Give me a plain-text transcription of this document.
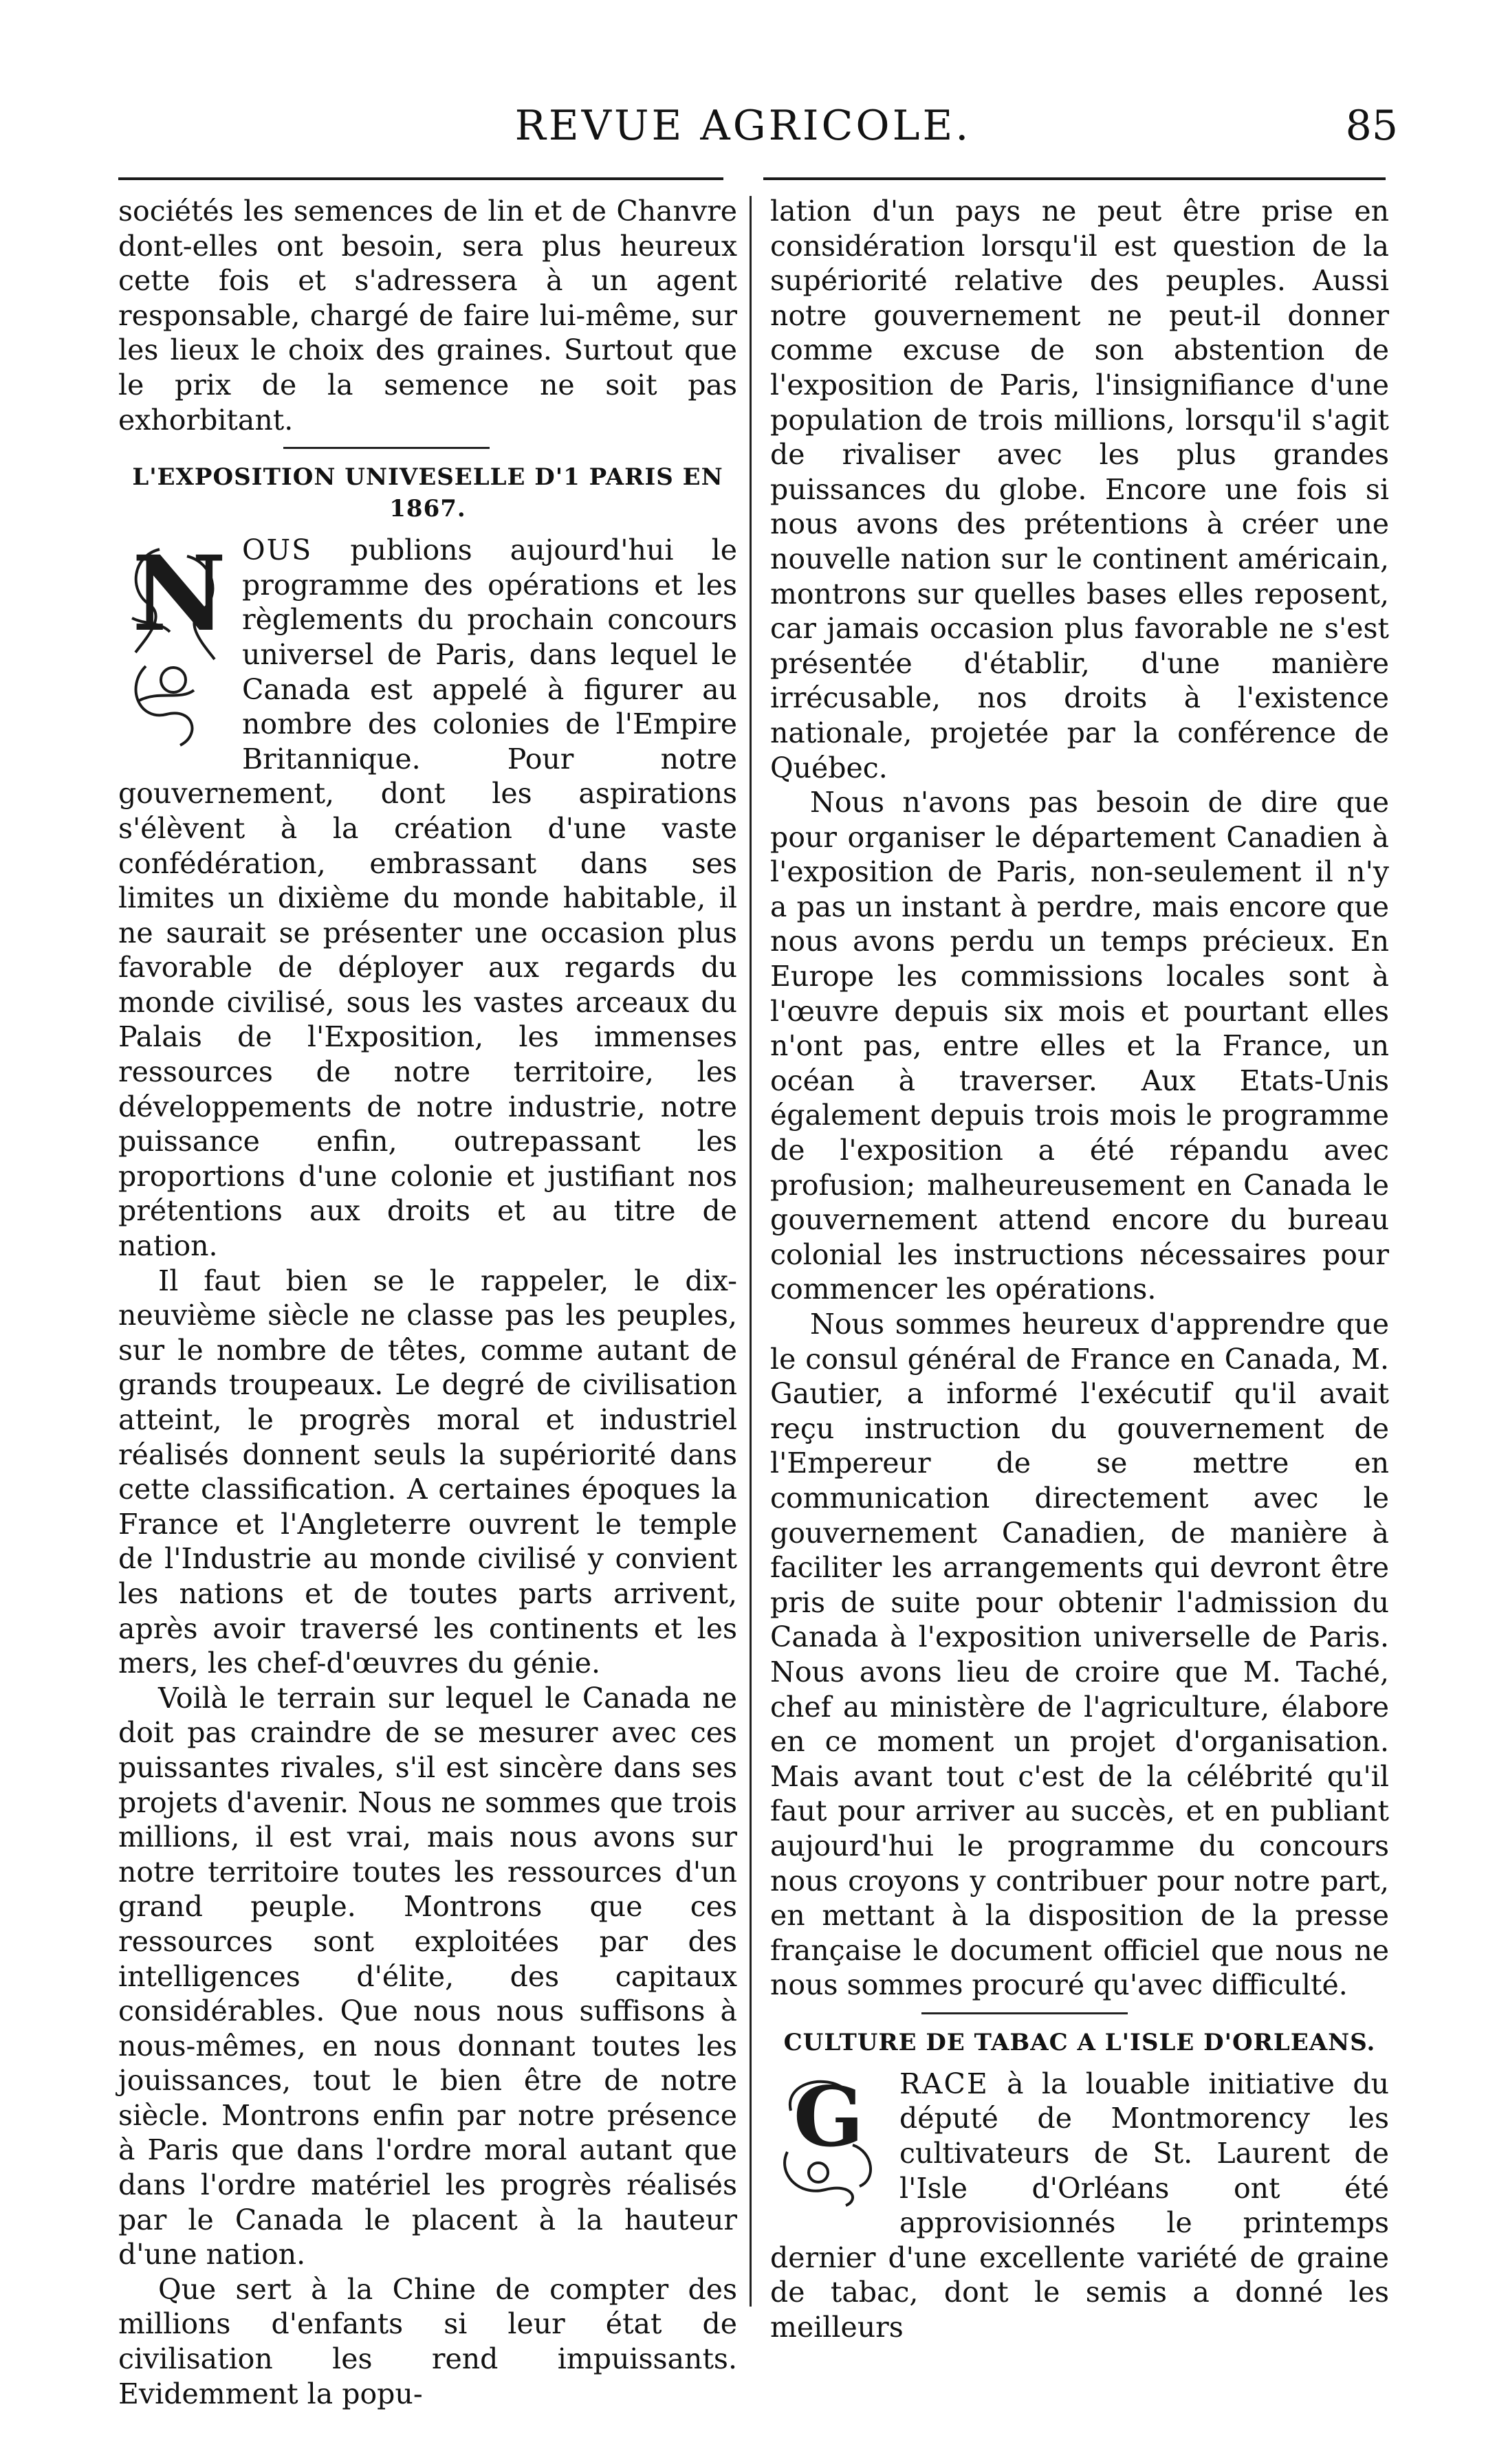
REVUE AGRICOLE.	85

sociétés les semences de lin et de Chanvre dont-elles ont besoin, sera plus heureux cette fois et s'adressera à un agent responsable, chargé de faire lui-même, sur les lieux le choix des graines. Surtout que le prix de la semence ne soit pas exhorbitant.

L'EXPOSITION UNIVESELLE D'1 PARIS EN 1867.
N OUS publions aujourd'hui le programme des opérations et les règlements du prochain concours universel de Paris, dans lequel le Canada est appelé à figurer au nombre des colonies de l'Empire Britannique. Pour notre gouvernement, dont les aspirations s'élèvent à la création d'une vaste confédération, embrassant dans ses limites un dixième du monde habitable, il ne saurait se présenter une occasion plus favorable de déployer aux regards du monde civilisé, sous les vastes arceaux du Palais de l'Exposition, les immenses ressources de notre territoire, les développements de notre industrie, notre puissance enfin, outrepassant les proportions d'une colonie et justifiant nos prétentions aux droits et au titre de nation.

Il faut bien se le rappeler, le dix-neuvième siècle ne classe pas les peuples, sur le nombre de têtes, comme autant de grands troupeaux. Le degré de civilisation atteint, le progrès moral et industriel réalisés donnent seuls la supériorité dans cette classification. A certaines époques la France et l'Angleterre ouvrent le temple de l'Industrie au monde civilisé y convient les nations et de toutes parts arrivent, après avoir traversé les continents et les mers, les chef-d'œuvres du génie.

Voilà le terrain sur lequel le Canada ne doit pas craindre de se mesurer avec ces puissantes rivales, s'il est sincère dans ses projets d'avenir. Nous ne sommes que trois millions, il est vrai, mais nous avons sur notre territoire toutes les ressources d'un grand peuple. Montrons que ces ressources sont exploitées par des intelligences d'élite, des capitaux considérables. Que nous nous suffisons à nous-mêmes, en nous donnant toutes les jouissances, tout le bien être de notre siècle. Montrons enfin par notre présence à Paris que dans l'ordre moral autant que dans l'ordre matériel les progrès réalisés par le Canada le placent à la hauteur d'une nation.

Que sert à la Chine de compter des millions d'enfants si leur état de civilisation les rend impuissants. Evidemment la popu-

lation d'un pays ne peut être prise en considération lorsqu'il est question de la supériorité relative des peuples. Aussi notre gouvernement ne peut-il donner comme excuse de son abstention de l'exposition de Paris, l'insignifiance d'une population de trois millions, lorsqu'il s'agit de rivaliser avec les plus grandes puissances du globe. Encore une fois si nous avons des prétentions à créer une nouvelle nation sur le continent américain, montrons sur quelles bases elles reposent, car jamais occasion plus favorable ne s'est présentée d'établir, d'une manière irrécusable, nos droits à l'existence nationale, projetée par la conférence de Québec.

Nous n'avons pas besoin de dire que pour organiser le département Canadien à l'exposition de Paris, non-seulement il n'y a pas un instant à perdre, mais encore que nous avons perdu un temps précieux. En Europe les commissions locales sont à l'œuvre depuis six mois et pourtant elles n'ont pas, entre elles et la France, un océan à traverser. Aux Etats-Unis également depuis trois mois le programme de l'exposition a été répandu avec profusion; malheureusement en Canada le gouvernement attend encore du bureau colonial les instructions nécessaires pour commencer les opérations.

Nous sommes heureux d'apprendre que le consul général de France en Canada, M. Gautier, a informé l'exécutif qu'il avait reçu instruction du gouvernement de l'Empereur de se mettre en communication directement avec le gouvernement Canadien, de manière à faciliter les arrangements qui devront être pris de suite pour obtenir l'admission du Canada à l'exposition universelle de Paris. Nous avons lieu de croire que M. Taché, chef au ministère de l'agriculture, élabore en ce moment un projet d'organisation. Mais avant tout c'est de la célébrité qu'il faut pour arriver au succès, et en publiant aujourd'hui le programme du concours nous croyons y contribuer pour notre part, en mettant à la disposition de la presse française le document officiel que nous ne nous sommes procuré qu'avec difficulté.

CULTURE DE TABAC A L'ISLE D'ORLEANS.
G	RACE à la louable initiative du député de Montmorency les cultivateurs de St. Laurent de l'Isle d'Orléans ont été approvisionnés le printemps dernier d'une excellente variété de graine de tabac, dont le semis a donné les meilleurs
